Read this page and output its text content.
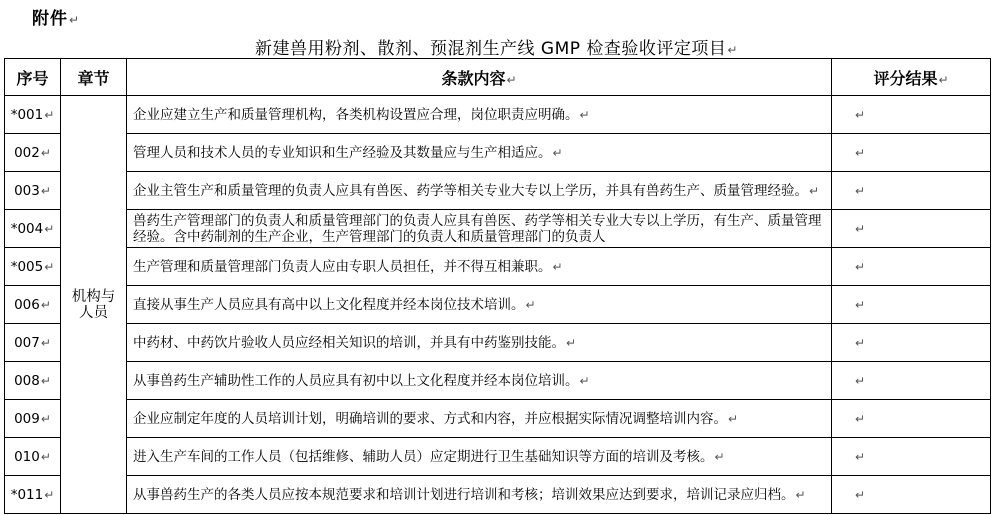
附件↵
新建兽用粉剂、散剂、预混剂生产线 GMP 检查验收评定项目↵
序号	章节	条款内容↵	评分结果↵
*001↵	机构与人员	企业应建立生产和质量管理机构，各类机构设置应合理，岗位职责应明确。↵	↵
002↵		管理人员和技术人员的专业知识和生产经验及其数量应与生产相适应。↵	↵
003↵		企业主管生产和质量管理的负责人应具有兽医、药学等相关专业大专以上学历，并具有兽药生产、质量管理经验。↵	↵
*004↵		兽药生产管理部门的负责人和质量管理部门的负责人应具有兽医、药学等相关专业大专以上学历，有生产、质量管理经验。含中药制剂的生产企业，生产管理部门的负责人和质量管理部门的负责人	↵
*005↵		生产管理和质量管理部门负责人应由专职人员担任，并不得互相兼职。↵	↵
006↵		直接从事生产人员应具有高中以上文化程度并经本岗位技术培训。↵	↵
007↵		中药材、中药饮片验收人员应经相关知识的培训，并具有中药鉴别技能。↵	↵
008↵		从事兽药生产辅助性工作的人员应具有初中以上文化程度并经本岗位培训。↵	↵
009↵		企业应制定年度的人员培训计划，明确培训的要求、方式和内容，并应根据实际情况调整培训内容。↵	↵
010↵		进入生产车间的工作人员（包括维修、辅助人员）应定期进行卫生基础知识等方面的培训及考核。↵	↵
*011↵		从事兽药生产的各类人员应按本规范要求和培训计划进行培训和考核；培训效果应达到要求，培训记录应归档。↵	↵
